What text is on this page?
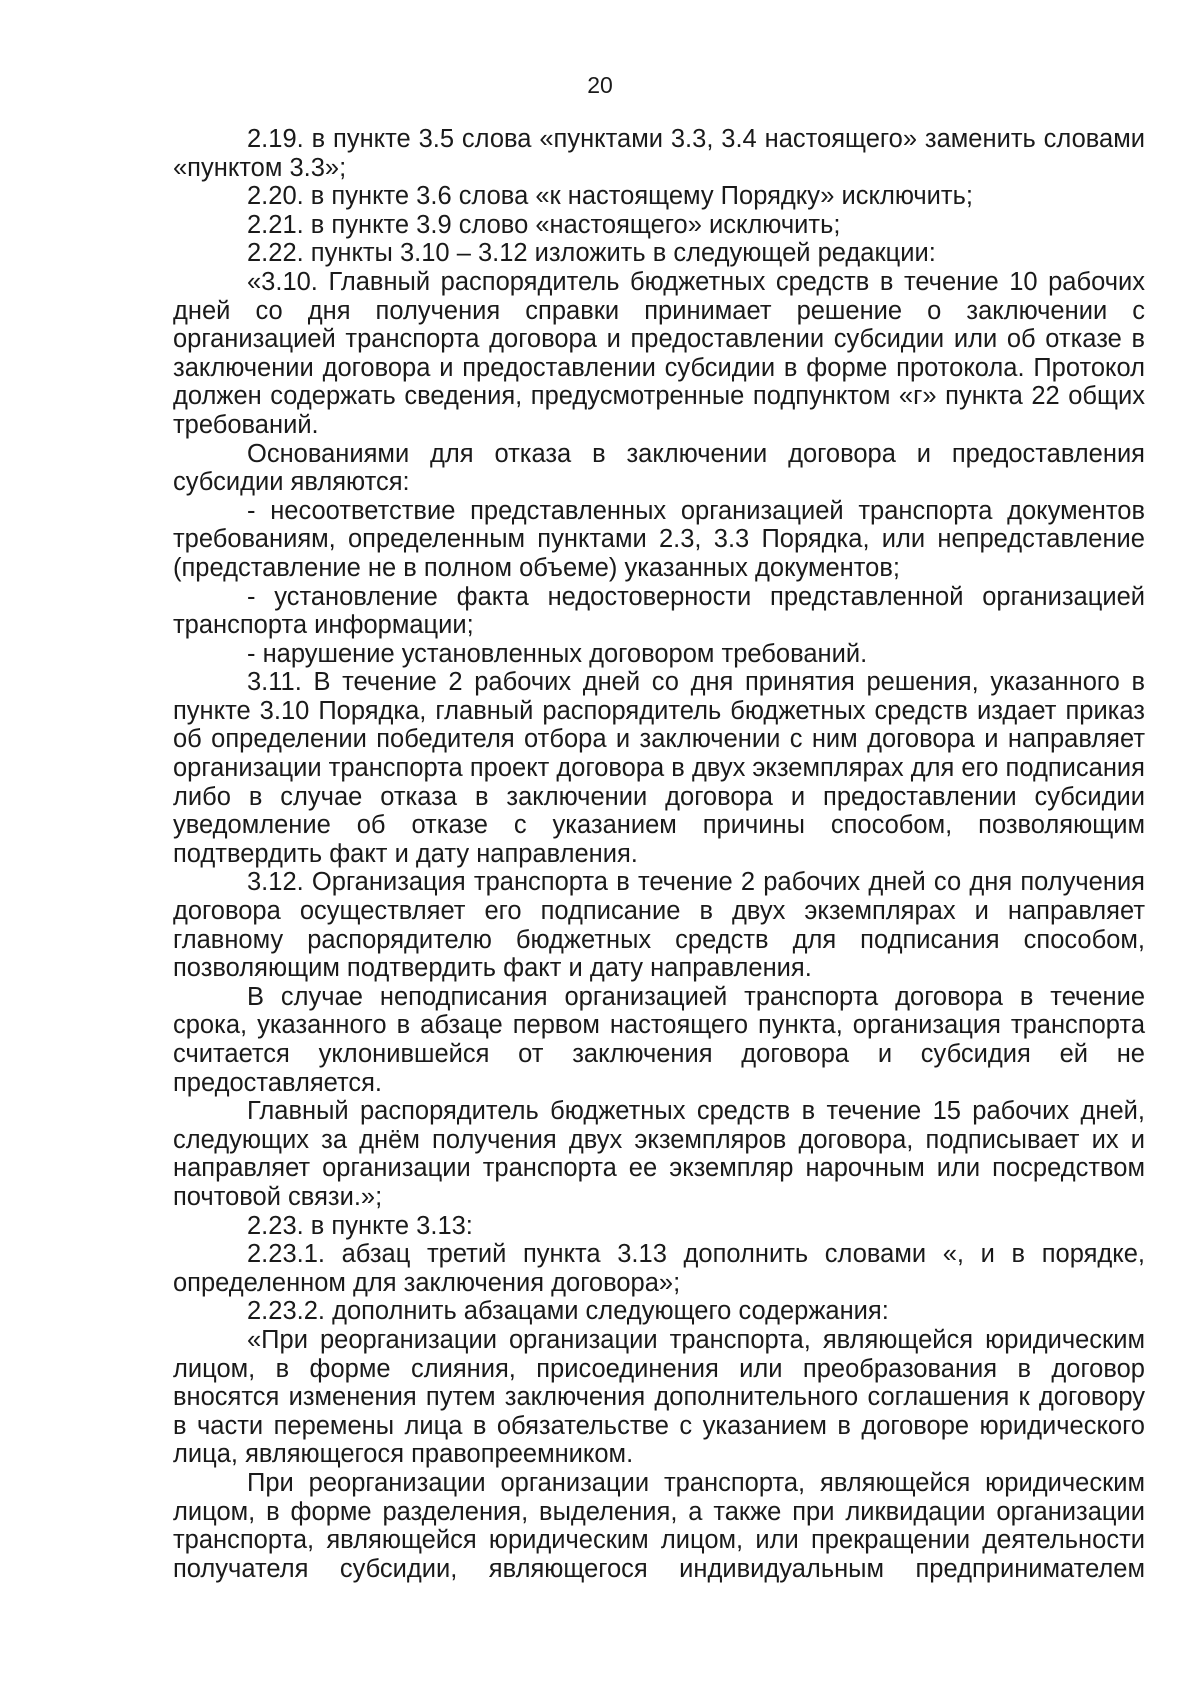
20

2.19. в пункте 3.5 слова «пунктами 3.3, 3.4 настоящего» заменить словами «пунктом 3.3»;

2.20. в пункте 3.6 слова «к настоящему Порядку» исключить;

2.21. в пункте 3.9 слово «настоящего» исключить;

2.22. пункты 3.10 – 3.12 изложить в следующей редакции:

«3.10. Главный распорядитель бюджетных средств в течение 10 рабочих дней со дня получения справки принимает решение о заключении с организацией транспорта договора и предоставлении субсидии или об отказе в заключении договора и предоставлении субсидии в форме протокола. Протокол должен содержать сведения, предусмотренные подпунктом «г» пункта 22 общих требований.

Основаниями для отказа в заключении договора и предоставления субсидии являются:

- несоответствие представленных организацией транспорта документов требованиям, определенным пунктами 2.3, 3.3 Порядка, или непредставление (представление не в полном объеме) указанных документов;

- установление факта недостоверности представленной организацией транспорта информации;

- нарушение установленных договором требований.

3.11. В течение 2 рабочих дней со дня принятия решения, указанного в пункте 3.10 Порядка, главный распорядитель бюджетных средств издает приказ об определении победителя отбора и заключении с ним договора и направляет организации транспорта проект договора в двух экземплярах для его подписания либо в случае отказа в заключении договора и предоставлении субсидии уведомление об отказе с указанием причины способом, позволяющим подтвердить факт и дату направления.

3.12. Организация транспорта в течение 2 рабочих дней со дня получения договора осуществляет его подписание в двух экземплярах и направляет главному распорядителю бюджетных средств для подписания способом, позволяющим подтвердить факт и дату направления.

В случае неподписания организацией транспорта договора в течение срока, указанного в абзаце первом настоящего пункта, организация транспорта считается уклонившейся от заключения договора и субсидия ей не предоставляется.

Главный распорядитель бюджетных средств в течение 15 рабочих дней, следующих за днём получения двух экземпляров договора, подписывает их и направляет организации транспорта ее экземпляр нарочным или посредством почтовой связи.»;

2.23. в пункте 3.13:

2.23.1. абзац третий пункта 3.13 дополнить словами «, и в порядке, определенном для заключения договора»;

2.23.2. дополнить абзацами следующего содержания:

«При реорганизации организации транспорта, являющейся юридическим лицом, в форме слияния, присоединения или преобразования в договор вносятся изменения путем заключения дополнительного соглашения к договору в части перемены лица в обязательстве с указанием в договоре юридического лица, являющегося правопреемником.

При реорганизации организации транспорта, являющейся юридическим лицом, в форме разделения, выделения, а также при ликвидации организации транспорта, являющейся юридическим лицом, или прекращении деятельности получателя субсидии, являющегося индивидуальным предпринимателем
